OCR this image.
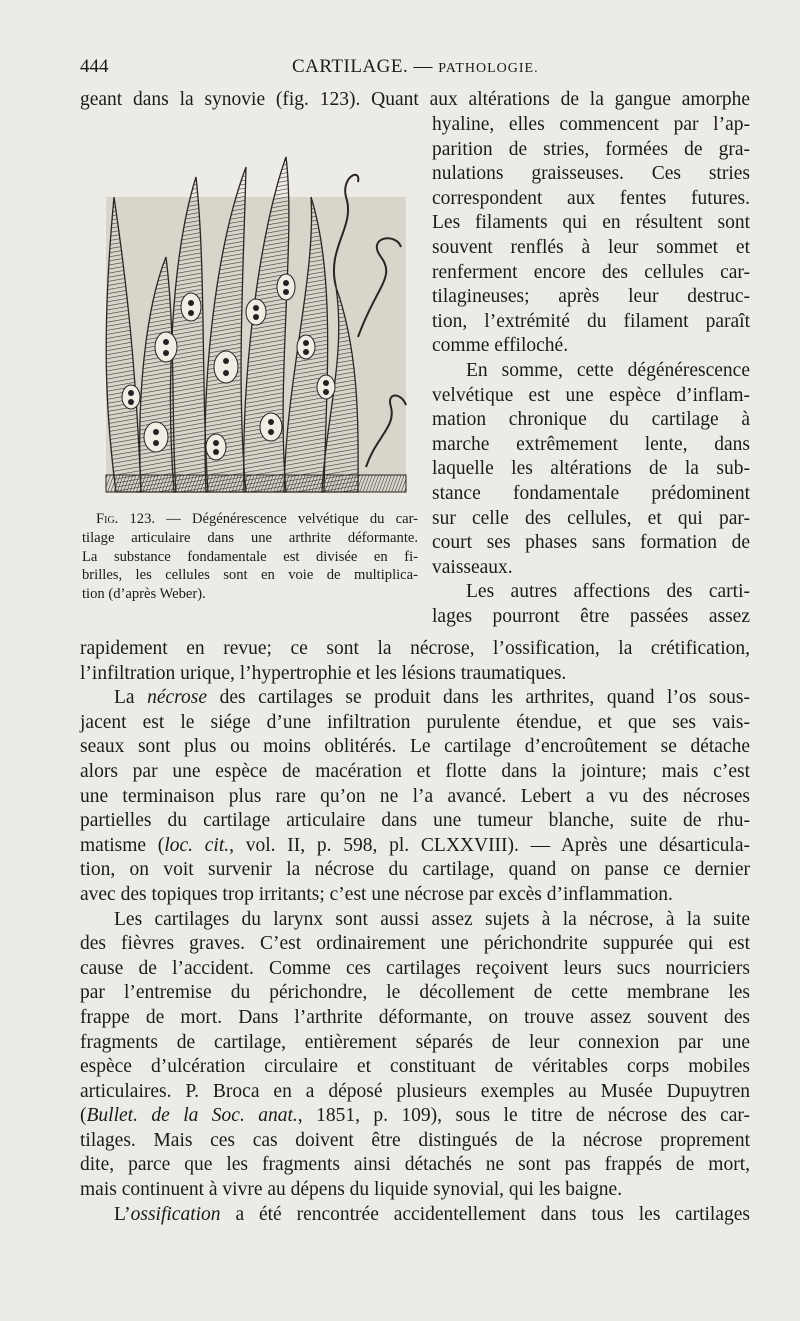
444	CARTILAGE. — PATHOLOGIE.
geant dans la synovie (fig. 123). Quant aux altérations de la gangue amorphe
Fig. 123. — Dégénérescence velvétique du car-
tilage articulaire dans une arthrite déformante.
La substance fondamentale est divisée en fi-
brilles, les cellules sont en voie de multiplica-
tion (d’après Weber).
hyaline, elles commencent par l’ap-
parition de stries, formées de gra-
nulations graisseuses. Ces stries
correspondent aux fentes futures.
Les filaments qui en résultent sont
souvent renflés à leur sommet et
renferment encore des cellules car-
tilagineuses; après leur destruc-
tion, l’extrémité du filament paraît
comme effiloché.
En somme, cette dégénérescence
velvétique est une espèce d’inflam-
mation chronique du cartilage à
marche extrêmement lente, dans
laquelle les altérations de la sub-
stance fondamentale prédominent
sur celle des cellules, et qui par-
court ses phases sans formation de
vaisseaux.
Les autres affections des carti-
lages pourront être passées assez
rapidement en revue; ce sont la nécrose, l’ossification, la crétification,
l’infiltration urique, l’hypertrophie et les lésions traumatiques.
La nécrose des cartilages se produit dans les arthrites, quand l’os sous-
jacent est le siége d’une infiltration purulente étendue, et que ses vais-
seaux sont plus ou moins oblitérés. Le cartilage d’encroûtement se détache
alors par une espèce de macération et flotte dans la jointure; mais c’est
une terminaison plus rare qu’on ne l’a avancé. Lebert a vu des nécroses
partielles du cartilage articulaire dans une tumeur blanche, suite de rhu-
matisme (loc. cit., vol. II, p. 598, pl. CLXXVIII). — Après une désarticula-
tion, on voit survenir la nécrose du cartilage, quand on panse ce dernier
avec des topiques trop irritants; c’est une nécrose par excès d’inflammation.
Les cartilages du larynx sont aussi assez sujets à la nécrose, à la suite
des fièvres graves. C’est ordinairement une périchondrite suppurée qui est
cause de l’accident. Comme ces cartilages reçoivent leurs sucs nourriciers
par l’entremise du périchondre, le décollement de cette membrane les
frappe de mort. Dans l’arthrite déformante, on trouve assez souvent des
fragments de cartilage, entièrement séparés de leur connexion par une
espèce d’ulcération circulaire et constituant de véritables corps mobiles
articulaires. P. Broca en a déposé plusieurs exemples au Musée Dupuytren
(Bullet. de la Soc. anat., 1851, p. 109), sous le titre de nécrose des car-
tilages. Mais ces cas doivent être distingués de la nécrose proprement
dite, parce que les fragments ainsi détachés ne sont pas frappés de mort,
mais continuent à vivre au dépens du liquide synovial, qui les baigne.
L’ossification a été rencontrée accidentellement dans tous les cartilages
